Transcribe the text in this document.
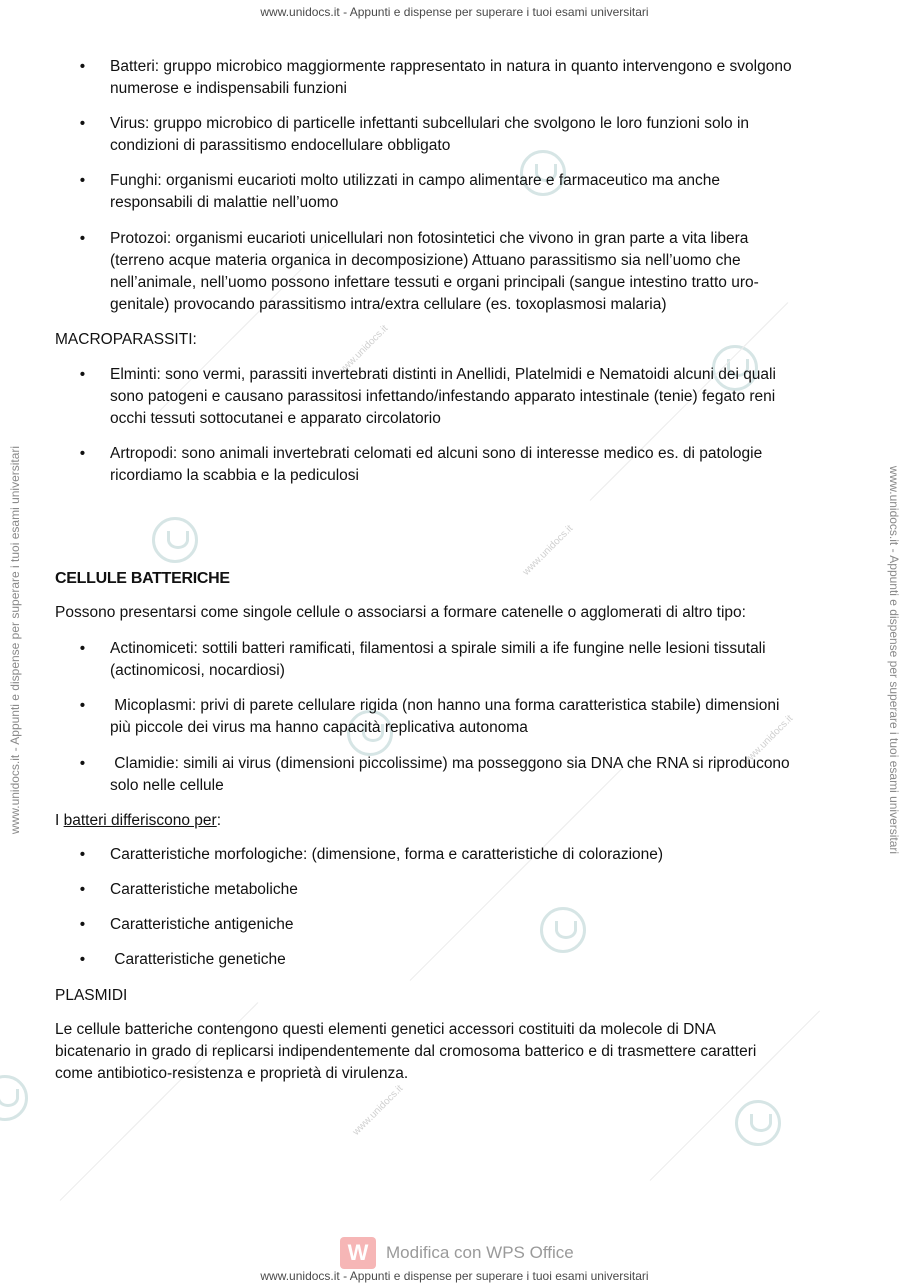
www.unidocs.it - Appunti e dispense per superare i tuoi esami universitari
www.unidocs.it - Appunti e dispense per superare i tuoi esami universitari
www.unidocs.it - Appunti e dispense per superare i tuoi esami universitari	www.unidocs.it - Appunti e dispense per superare i tuoi esami universitari
www.unidocs.it
www.unidocs.it
www.unidocs.it
www.unidocs.it
•	Batteri: gruppo microbico maggiormente rappresentato in natura in quanto intervengono e svolgono
numerose e indispensabili funzioni
•	Virus: gruppo microbico di particelle infettanti subcellulari che svolgono le loro funzioni solo in
condizioni di parassitismo endocellulare obbligato
•	Funghi: organismi eucarioti molto utilizzati in campo alimentare e farmaceutico ma anche
responsabili di malattie nell’uomo
•	Protozoi: organismi eucarioti unicellulari non fotosintetici che vivono in gran parte a vita libera
(terreno acque materia organica in decomposizione) Attuano parassitismo sia nell’uomo che
nell’animale, nell’uomo possono infettare tessuti e organi principali (sangue intestino tratto uro-
genitale) provocando parassitismo intra/extra cellulare (es. toxoplasmosi malaria)
MACROPARASSITI:
•	Elminti: sono vermi, parassiti invertebrati distinti in Anellidi, Platelmidi e Nematoidi alcuni dei quali
sono patogeni e causano parassitosi infettando/infestando apparato intestinale (tenie) fegato reni
occhi tessuti sottocutanei e apparato circolatorio
•	Artropodi: sono animali invertebrati celomati ed alcuni sono di interesse medico es. di patologie
ricordiamo la scabbia e la pediculosi
CELLULE BATTERICHE
Possono presentarsi come singole cellule o associarsi a formare catenelle o agglomerati di altro tipo:
•	Actinomiceti: sottili batteri ramificati, filamentosi a spirale simili a ife fungine nelle lesioni tissutali
(actinomicosi, nocardiosi)
•	Micoplasmi: privi di parete cellulare rigida (non hanno una forma caratteristica stabile) dimensioni
più piccole dei virus ma hanno capacità replicativa autonoma
•	Clamidie: simili ai virus (dimensioni piccolissime) ma posseggono sia DNA che RNA si riproducono
solo nelle cellule
I batteri differiscono per:
•	Caratteristiche morfologiche: (dimensione, forma e caratteristiche di colorazione)
•	Caratteristiche metaboliche
•	Caratteristiche antigeniche
•	Caratteristiche genetiche
PLASMIDI
Le cellule batteriche contengono questi elementi genetici accessori costituiti da molecole di DNA
bicatenario in grado di replicarsi indipendentemente dal cromosoma batterico e di trasmettere caratteri
come antibiotico-resistenza e proprietà di virulenza.
W	Modifica con WPS Office
